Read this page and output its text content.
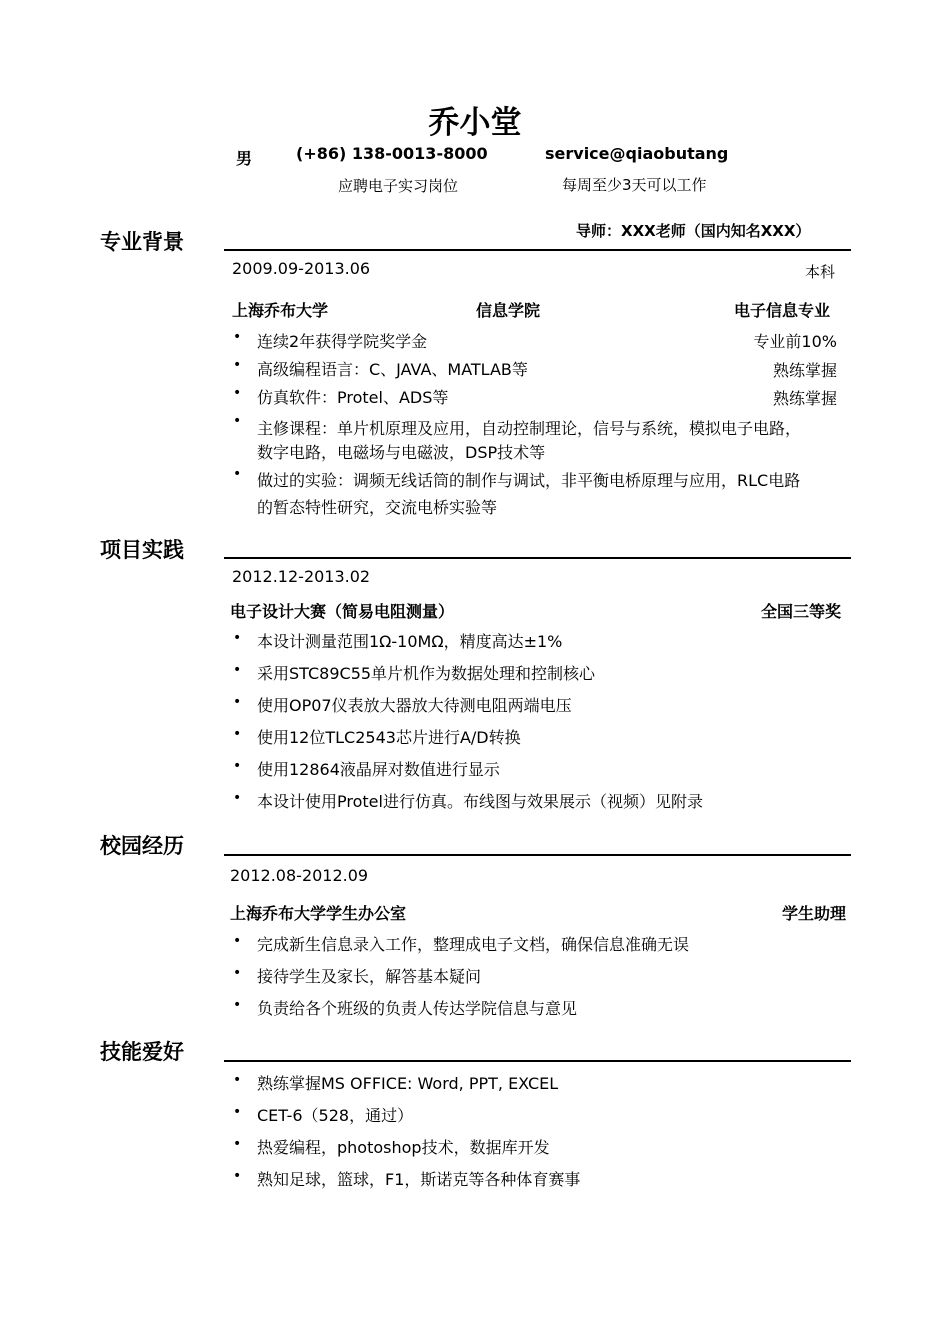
乔小堂
男	(+86) 138-0013-8000	service@qiaobutang
应聘电子实习岗位	每周至少3天可以工作
专业背景	导师：XXX老师（国内知名XXX）
2009.09-2013.06	本科
上海乔布大学	信息学院	电子信息专业
• 连续2年获得学院奖学金	专业前10%
• 高级编程语言：C、JAVA、MATLAB等	熟练掌握
• 仿真软件：Protel、ADS等	熟练掌握
• 主修课程：单片机原理及应用，自动控制理论，信号与系统，模拟电子电路，
数字电路，电磁场与电磁波，DSP技术等
• 做过的实验：调频无线话筒的制作与调试，非平衡电桥原理与应用，RLC电路
的暂态特性研究，交流电桥实验等
项目实践
2012.12-2013.02
电子设计大赛（简易电阻测量）	全国三等奖
• 本设计测量范围1Ω-10MΩ，精度高达±1%
• 采用STC89C55单片机作为数据处理和控制核心
• 使用OP07仪表放大器放大待测电阻两端电压
• 使用12位TLC2543芯片进行A/D转换
• 使用12864液晶屏对数值进行显示
• 本设计使用Protel进行仿真。布线图与效果展示（视频）见附录
校园经历
2012.08-2012.09
上海乔布大学学生办公室	学生助理
• 完成新生信息录入工作，整理成电子文档，确保信息准确无误
• 接待学生及家长，解答基本疑问
• 负责给各个班级的负责人传达学院信息与意见
技能爱好
• 熟练掌握MS OFFICE: Word, PPT, EXCEL
• CET-6（528，通过）
• 热爱编程，photoshop技术，数据库开发
• 熟知足球，篮球，F1，斯诺克等各种体育赛事
